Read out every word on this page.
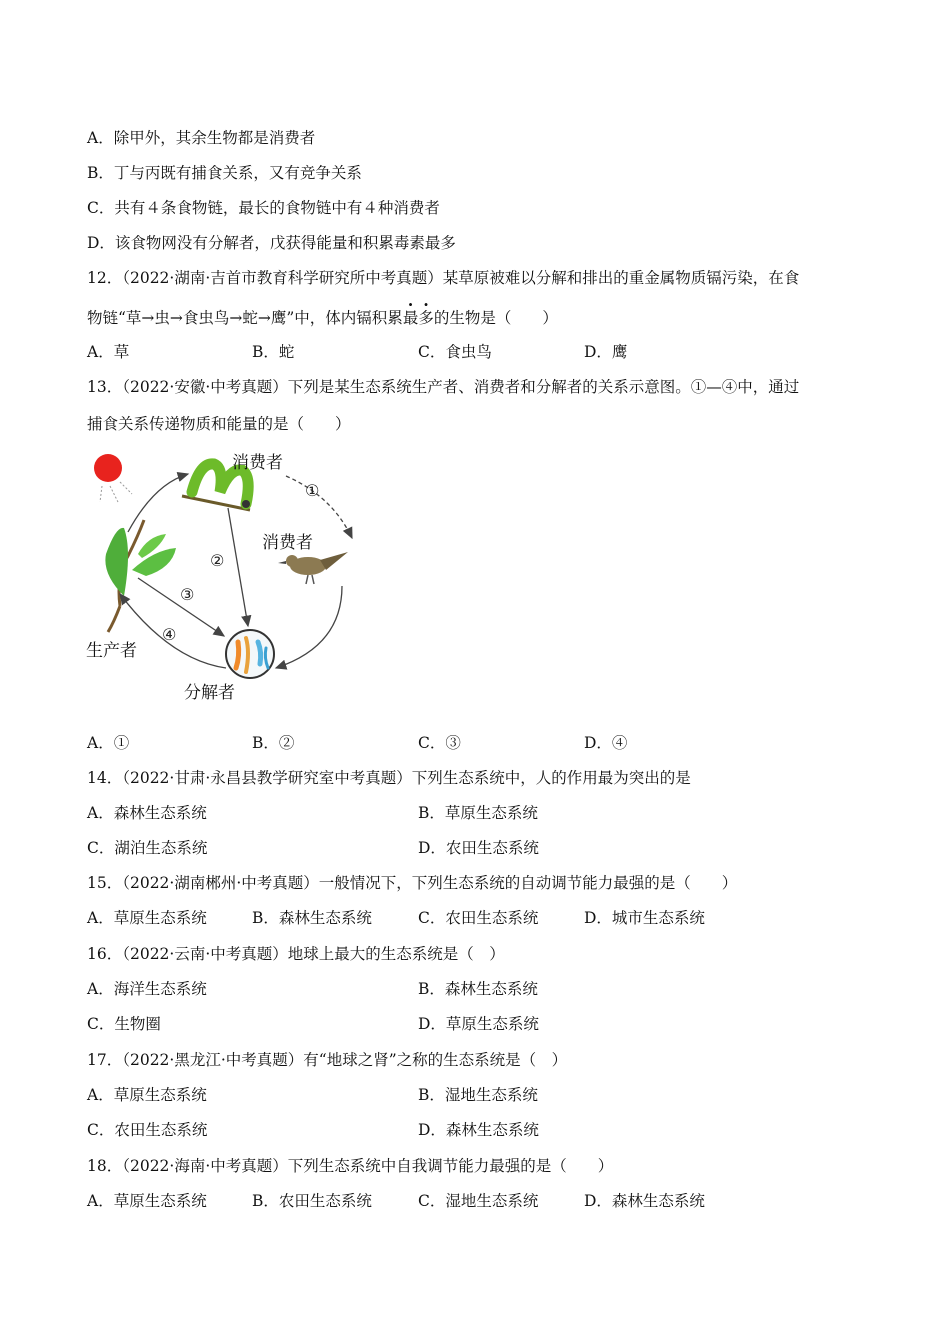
A．除甲外，其余生物都是消费者
B．丁与丙既有捕食关系，又有竞争关系
C．共有４条食物链，最长的食物链中有４种消费者
D．该食物网没有分解者，戊获得能量和积累毒素最多
12．（2022·湖南·吉首市教育科学研究所中考真题）某草原被难以分解和排出的重金属物质镉污染，在食
物链“草→虫→食虫鸟→蛇→鹰”中，体内镉积累最多的生物是（　　）
A．草	B．蛇	C．食虫鸟	D．鹰
13．（2022·安徽·中考真题）下列是某生态系统生产者、消费者和分解者的关系示意图。①—④中，通过
捕食关系传递物质和能量的是（　　）
消费者
消费者
生产者
分解者
①
②
③
④
A．①	B．②	C．③	D．④
14．（2022·甘肃·永昌县教学研究室中考真题）下列生态系统中，人的作用最为突出的是
A．森林生态系统	B．草原生态系统
C．湖泊生态系统	D．农田生态系统
15．（2022·湖南郴州·中考真题）一般情况下，下列生态系统的自动调节能力最强的是（　　）
A．草原生态系统	B．森林生态系统	C．农田生态系统	D．城市生态系统
16．（2022·云南·中考真题）地球上最大的生态系统是（　）
A．海洋生态系统	B．森林生态系统
C．生物圈	D．草原生态系统
17．（2022·黑龙江·中考真题）有“地球之肾”之称的生态系统是（　）
A．草原生态系统	B．湿地生态系统
C．农田生态系统	D．森林生态系统
18．（2022·海南·中考真题）下列生态系统中自我调节能力最强的是（　　）
A．草原生态系统	B．农田生态系统	C．湿地生态系统	D．森林生态系统
